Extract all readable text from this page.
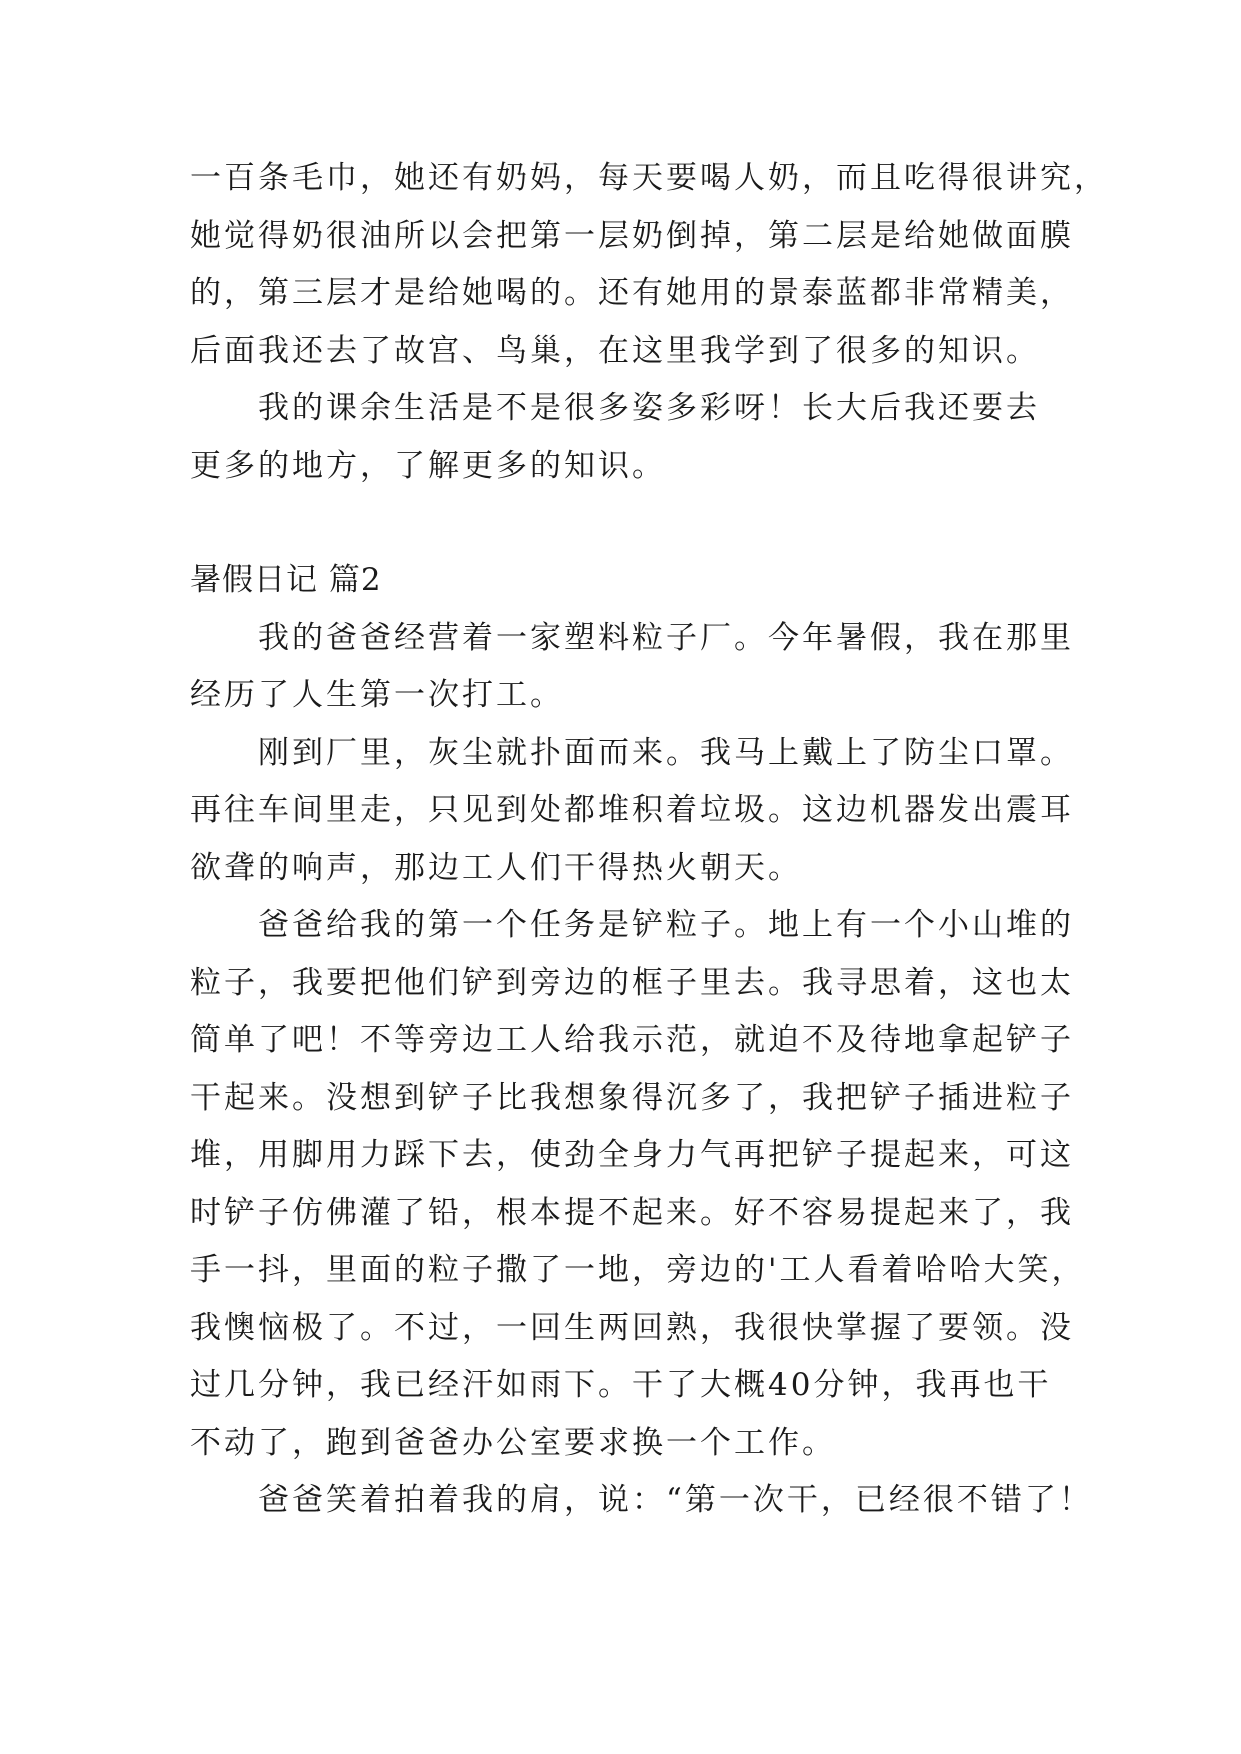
一百条毛巾，她还有奶妈，每天要喝人奶，而且吃得很讲究，
她觉得奶很油所以会把第一层奶倒掉，第二层是给她做面膜
的，第三层才是给她喝的。还有她用的景泰蓝都非常精美，
后面我还去了故宫、鸟巢，在这里我学到了很多的知识。
我的课余生活是不是很多姿多彩呀！长大后我还要去
更多的地方，了解更多的知识。
暑假日记 篇2
我的爸爸经营着一家塑料粒子厂。今年暑假，我在那里
经历了人生第一次打工。
刚到厂里，灰尘就扑面而来。我马上戴上了防尘口罩。
再往车间里走，只见到处都堆积着垃圾。这边机器发出震耳
欲聋的响声，那边工人们干得热火朝天。
爸爸给我的第一个任务是铲粒子。地上有一个小山堆的
粒子，我要把他们铲到旁边的框子里去。我寻思着，这也太
简单了吧！不等旁边工人给我示范，就迫不及待地拿起铲子
干起来。没想到铲子比我想象得沉多了，我把铲子插进粒子
堆，用脚用力踩下去，使劲全身力气再把铲子提起来，可这
时铲子仿佛灌了铅，根本提不起来。好不容易提起来了，我
手一抖，里面的粒子撒了一地，旁边的'工人看着哈哈大笑，
我懊恼极了。不过，一回生两回熟，我很快掌握了要领。没
过几分钟，我已经汗如雨下。干了大概40分钟，我再也干
不动了，跑到爸爸办公室要求换一个工作。
爸爸笑着拍着我的肩，说：“第一次干，已经很不错了！
